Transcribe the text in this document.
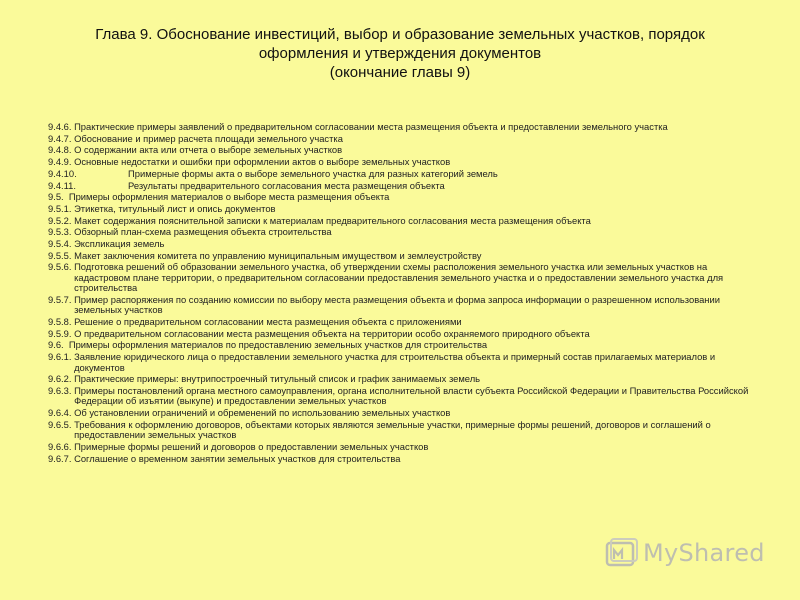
Глава 9. Обоснование инвестиций, выбор и образование земельных участков, порядок
оформления и утверждения документов
(окончание главы 9)
9.4.6. Практические примеры заявлений о предварительном согласовании места размещения объекта и предоставлении земельного участка
9.4.7. Обоснование и пример расчета площади земельного участка
9.4.8. О содержании акта или отчета о выборе земельных участков
9.4.9. Основные недостатки и ошибки при оформлении актов о выборе земельных участков
9.4.10.	Примерные формы акта о выборе земельного участка для разных категорий земель
9.4.11.	Результаты предварительного согласования места размещения объекта
9.5. Примеры оформления материалов о выборе места размещения объекта
9.5.1. Этикетка, титульный лист и опись документов
9.5.2. Макет содержания пояснительной записки к материалам предварительного согласования места размещения объекта
9.5.3. Обзорный план-схема размещения объекта строительства
9.5.4. Экспликация земель
9.5.5. Макет заключения комитета по управлению муниципальным имуществом и землеустройству
9.5.6. Подготовка решений об образовании земельного участка, об утверждении схемы расположения земельного участка или земельных участков на кадастровом плане территории, о предварительном согласовании предоставления земельного участка и о предоставлении земельного участка для строительства
9.5.7. Пример распоряжения по созданию комиссии по выбору места размещения объекта и форма запроса информации о разрешенном использовании земельных участков
9.5.8. Решение о предварительном согласовании места размещения объекта с приложениями
9.5.9. О предварительном согласовании места размещения объекта на территории особо охраняемого природного объекта
9.6. Примеры оформления материалов по предоставлению земельных участков для строительства
9.6.1. Заявление юридического лица о предоставлении земельного участка для строительства объекта и примерный состав прилагаемых материалов и документов
9.6.2. Практические примеры: внутрипостроечный титульный список и график занимаемых земель
9.6.3. Примеры постановлений органа местного самоуправления, органа исполнительной власти субъекта Российской Федерации и Правительства Российской Федерации об изъятии (выкупе) и предоставлении земельных участков
9.6.4. Об установлении ограничений и обременений по использованию земельных участков
9.6.5. Требования к оформлению договоров, объектами которых являются земельные участки, примерные формы решений, договоров и соглашений о предоставлении земельных участков
9.6.6. Примерные формы решений и договоров о предоставлении земельных участков
9.6.7. Соглашение о временном занятии земельных участков для строительства
MyShared
